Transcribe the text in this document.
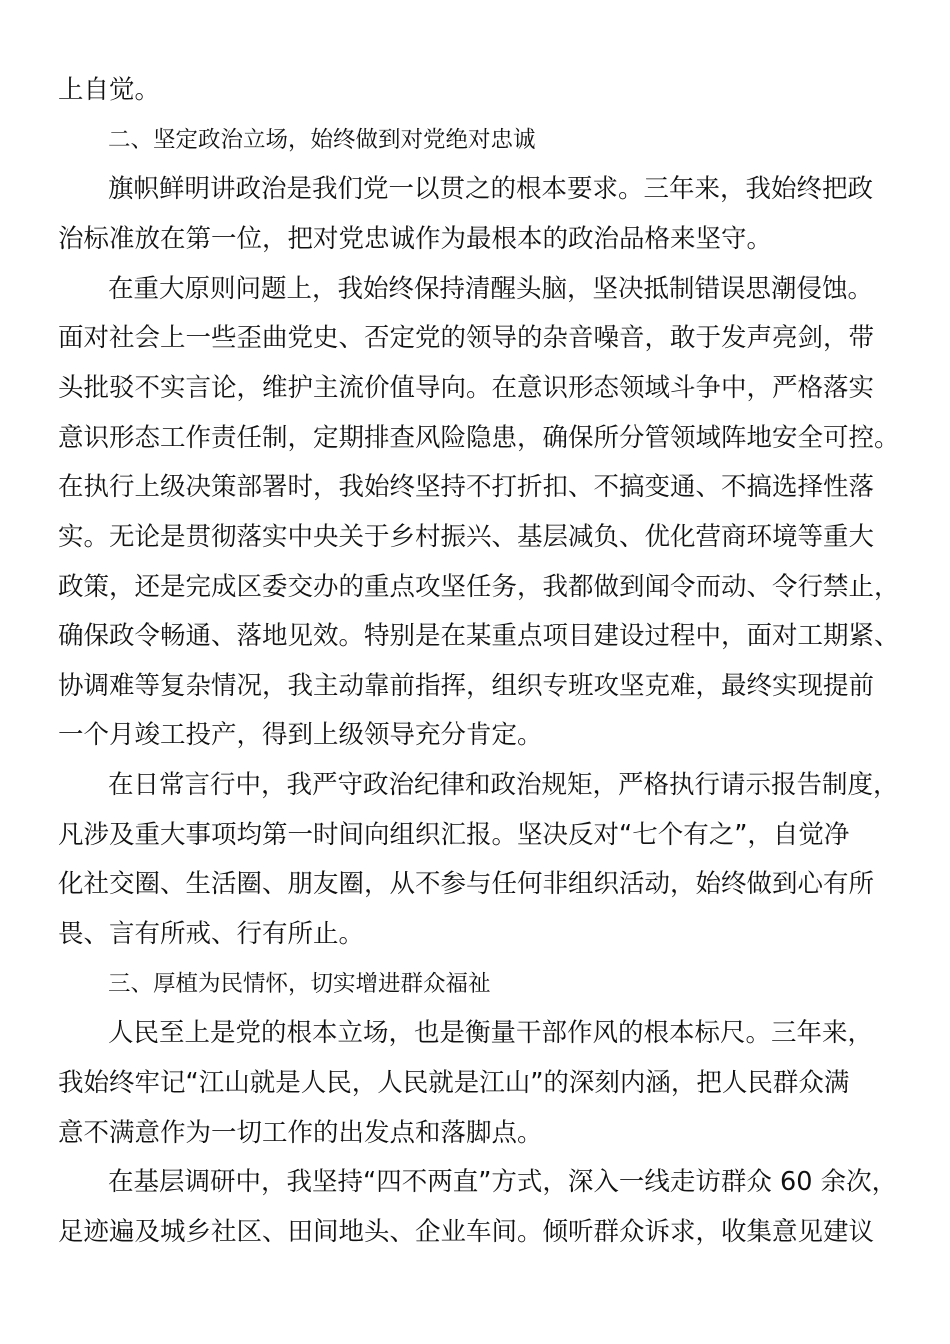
上自觉。
二、坚定政治立场，始终做到对党绝对忠诚
旗帜鲜明讲政治是我们党一以贯之的根本要求。三年来，我始终把政
治标准放在第一位，把对党忠诚作为最根本的政治品格来坚守。
在重大原则问题上，我始终保持清醒头脑，坚决抵制错误思潮侵蚀。
面对社会上一些歪曲党史、否定党的领导的杂音噪音，敢于发声亮剑，带
头批驳不实言论，维护主流价值导向。在意识形态领域斗争中，严格落实
意识形态工作责任制，定期排查风险隐患，确保所分管领域阵地安全可控。
在执行上级决策部署时，我始终坚持不打折扣、不搞变通、不搞选择性落
实。无论是贯彻落实中央关于乡村振兴、基层减负、优化营商环境等重大
政策，还是完成区委交办的重点攻坚任务，我都做到闻令而动、令行禁止，
确保政令畅通、落地见效。特别是在某重点项目建设过程中，面对工期紧、
协调难等复杂情况，我主动靠前指挥，组织专班攻坚克难，最终实现提前
一个月竣工投产，得到上级领导充分肯定。
在日常言行中，我严守政治纪律和政治规矩，严格执行请示报告制度，
凡涉及重大事项均第一时间向组织汇报。坚决反对“七个有之”，自觉净
化社交圈、生活圈、朋友圈，从不参与任何非组织活动，始终做到心有所
畏、言有所戒、行有所止。
三、厚植为民情怀，切实增进群众福祉
人民至上是党的根本立场，也是衡量干部作风的根本标尺。三年来，
我始终牢记“江山就是人民，人民就是江山”的深刻内涵，把人民群众满
意不满意作为一切工作的出发点和落脚点。
在基层调研中，我坚持“四不两直”方式，深入一线走访群众 60 余次，
足迹遍及城乡社区、田间地头、企业车间。倾听群众诉求，收集意见建议
